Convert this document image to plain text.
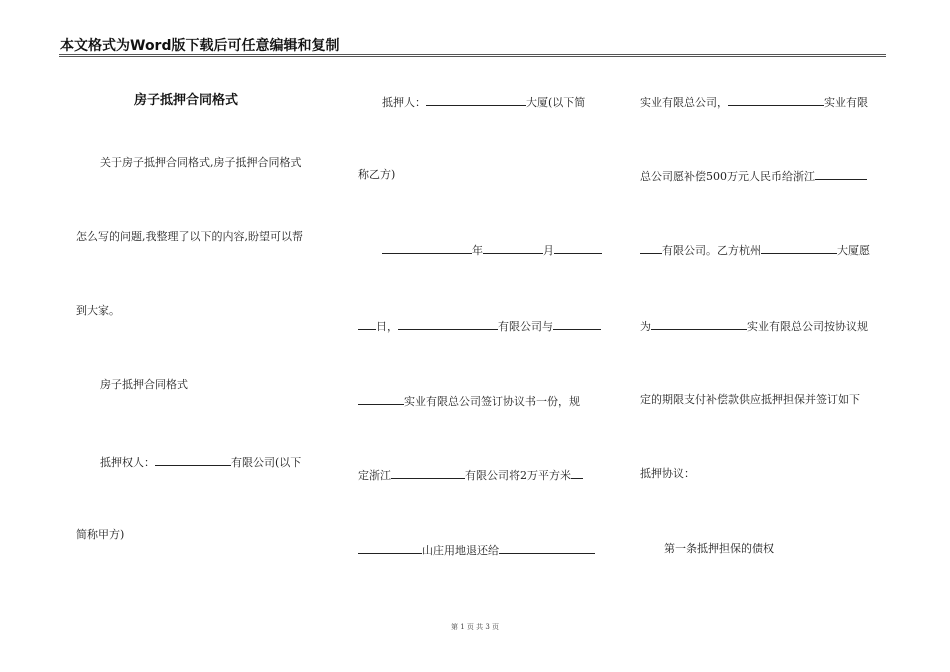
本文格式为Word版下载后可任意编辑和复制
房子抵押合同格式
关于房子抵押合同格式,房子抵押合同格式
怎么写的问题,我整理了以下的内容,盼望可以帮
到大家。
房子抵押合同格式
抵押权人：	有限公司(以下
简称甲方)
抵押人：	大厦(以下简
称乙方)
年	月
日，	有限公司与
实业有限总公司签订协议书一份，规
定浙江	有限公司将2万平方米
山庄用地退还给
实业有限总公司，	实业有限
总公司愿补偿500万元人民币给浙江
有限公司。乙方杭州	大厦愿
为	实业有限总公司按协议规
定的期限支付补偿款供应抵押担保并签订如下
抵押协议：
第一条抵押担保的债权
第 1 页 共 3 页
